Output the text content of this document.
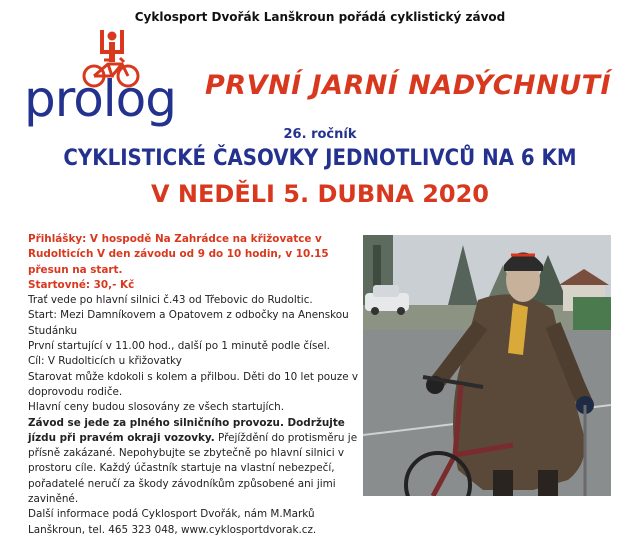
Cyklosport Dvořák Lanškroun pořádá cyklistický závod
prolog PRVNÍ JARNÍ NADÝCHNUTÍ
26. ročník
CYKLISTICKÉ ČASOVKY JEDNOTLIVCŮ NA 6 KM
V NEDĚLI 5. DUBNA 2020

Přihlášky: V hospodě Na Zahrádce na křižovatce v Rudolticích V den závodu od 9 do 10 hodin, v 10.15 přesun na start.

Startovné: 30,- Kč

Trať vede po hlavní silnici č.43 od Třebovic do Rudoltic.

Start: Mezi Damníkovem a Opatovem z odbočky na Anenskou Studánku

První startující v 11.00 hod., další po 1 minutě podle čísel.

Cíl: V Rudolticích u křižovatky

Starovat může kdokoli s kolem a přilbou. Děti do 10 let pouze v doprovodu rodiče.

Hlavní ceny budou slosovány ze všech startujích.

Závod se jede za plného silničního provozu. Dodržujte jízdu při pravém okraji vozovky. Přejíždění do protisměru je přísně zakázané. Nepohybujte se zbytečně po hlavní silnici v prostoru cíle. Každý účastník startuje na vlastní nebezpečí, pořadatelé neručí za škody závodníkům způsobené ani jimi zaviněné.

Další informace podá Cyklosport Dvořák, nám M.Marků Lanškroun, tel. 465 323 048, www.cyklosportdvorak.cz.
